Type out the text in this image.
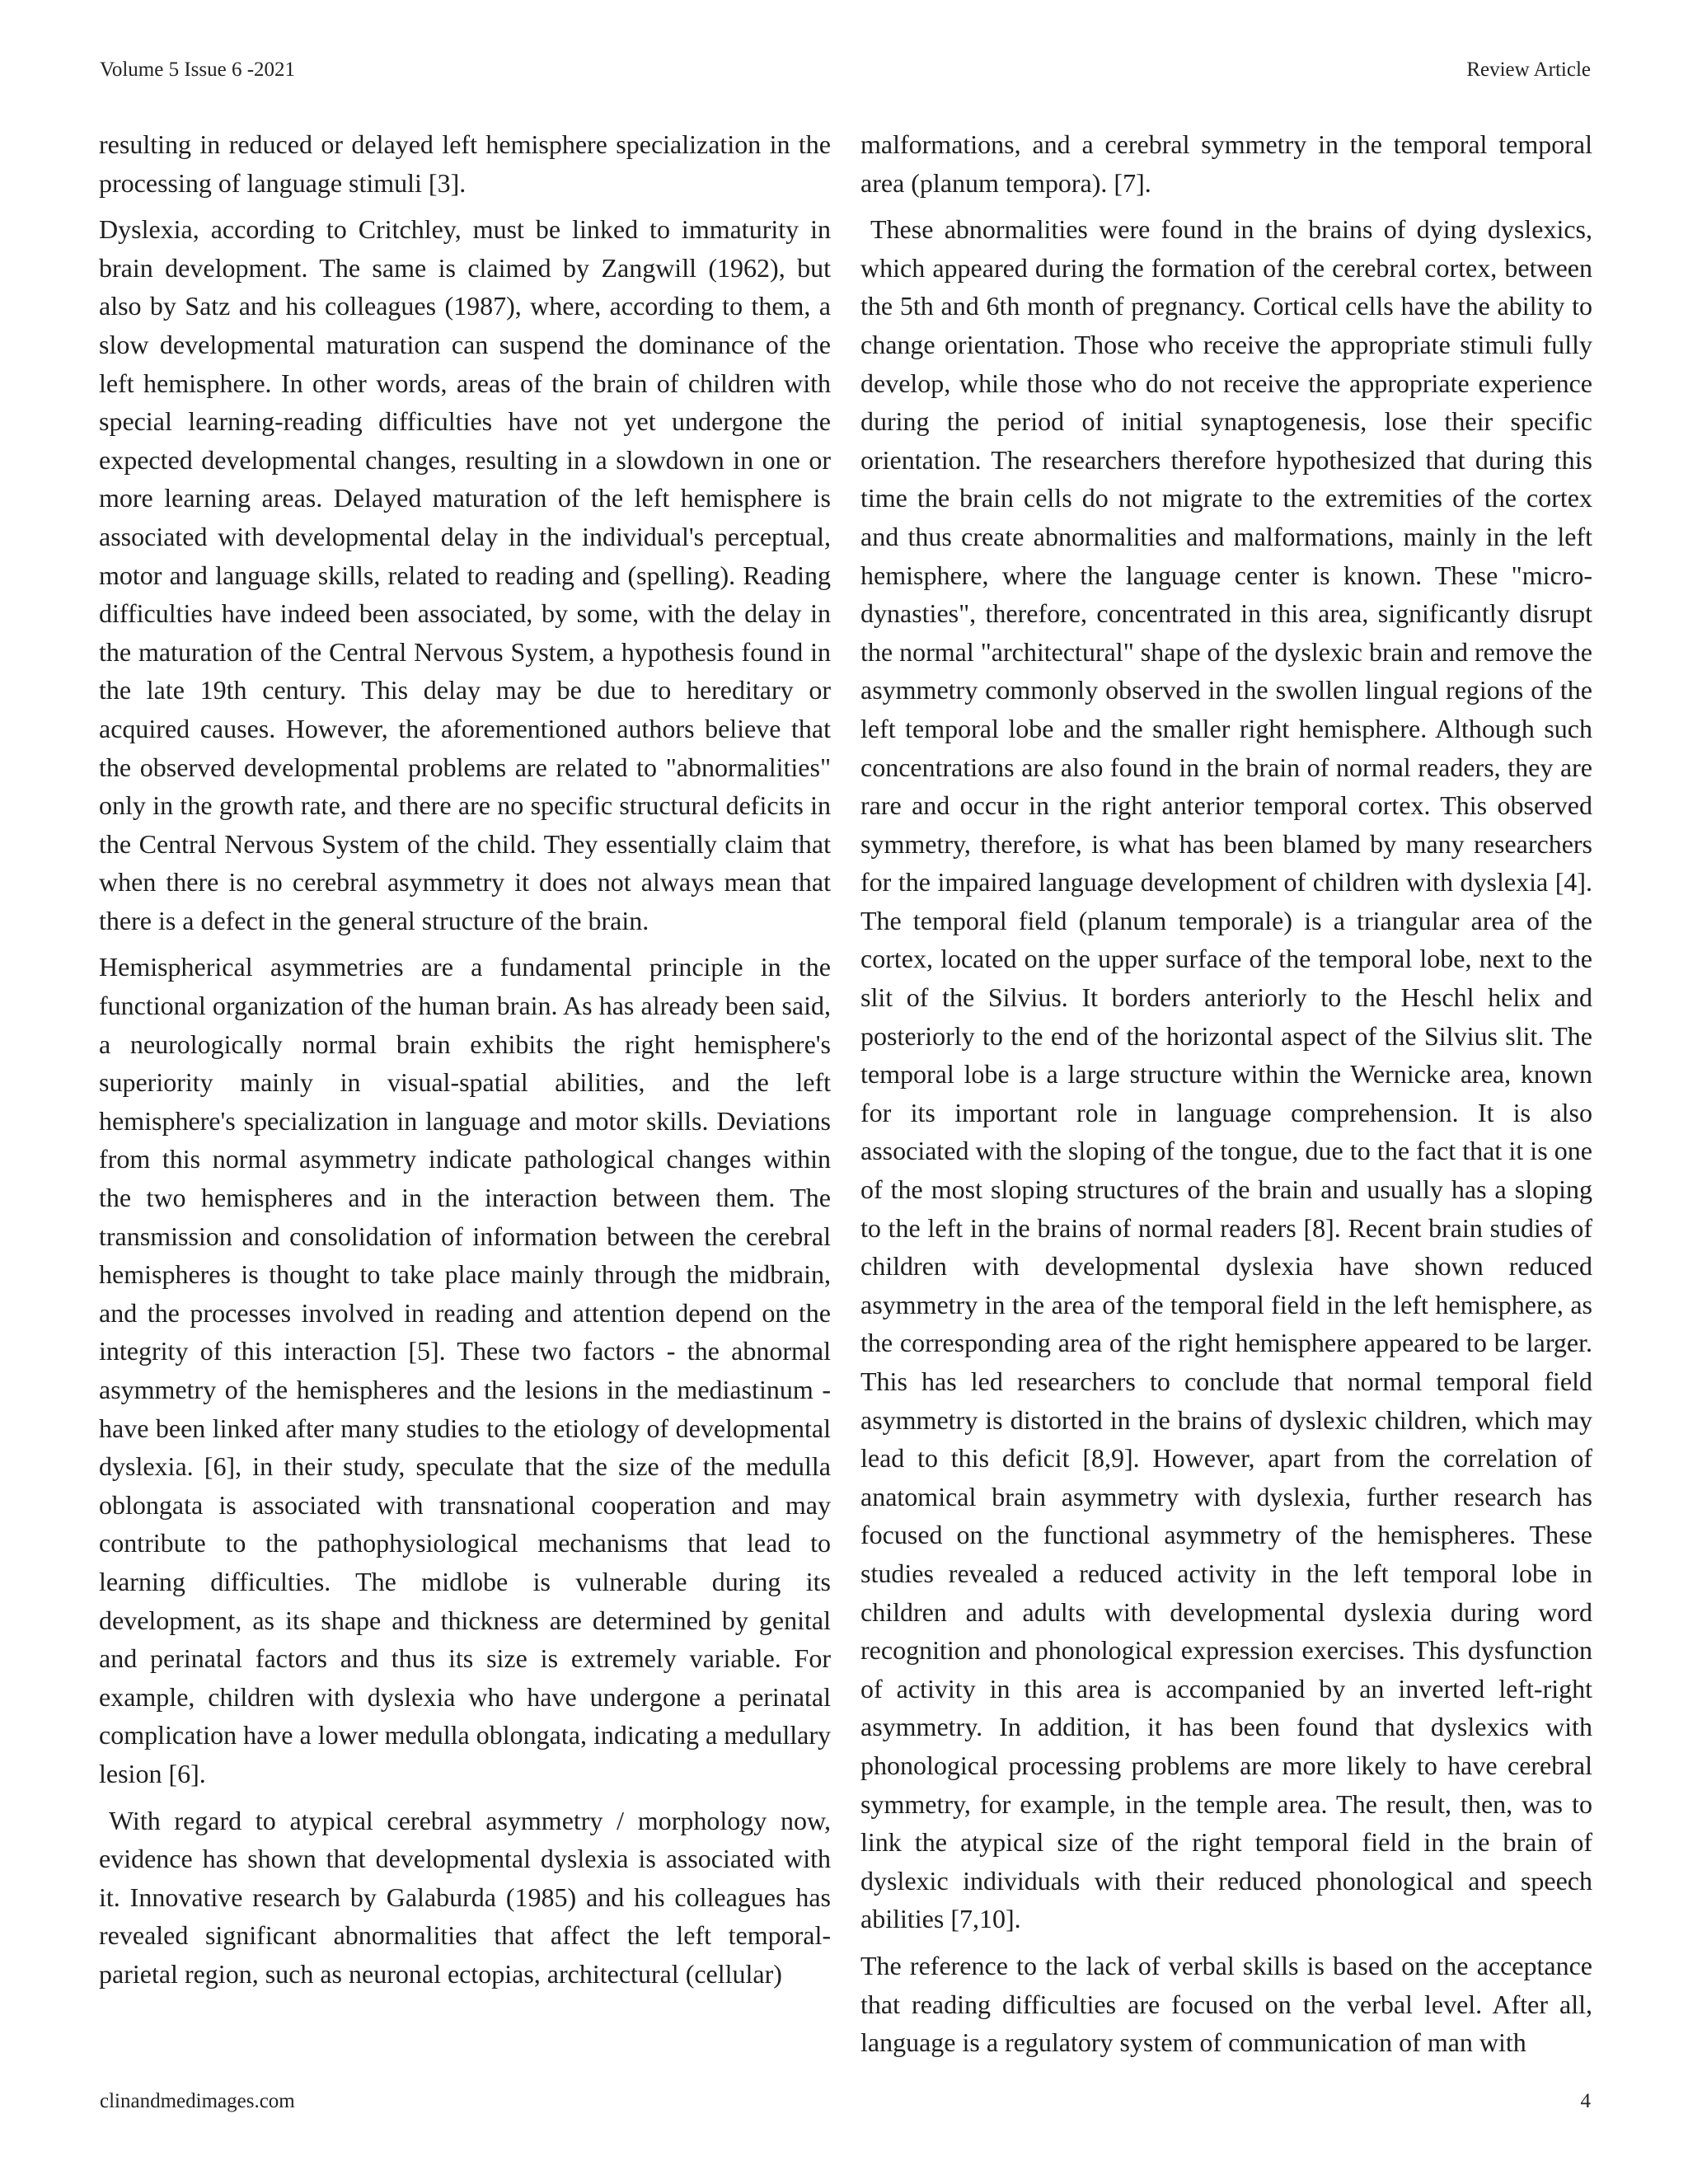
Volume 5 Issue 6 -2021	Review Article

resulting in reduced or delayed left hemisphere specialization in the processing of language stimuli [3].

Dyslexia, according to Critchley, must be linked to immaturity in brain development. The same is claimed by Zangwill (1962), but also by Satz and his colleagues (1987), where, according to them, a slow developmental maturation can suspend the dominance of the left hemisphere. In other words, areas of the brain of children with special learning-reading difficulties have not yet undergone the expected developmental changes, resulting in a slowdown in one or more learning areas. Delayed maturation of the left hemisphere is associated with developmental delay in the individual's perceptual, motor and language skills, related to reading and (spelling). Reading difficulties have indeed been associated, by some, with the delay in the maturation of the Central Nervous System, a hypothesis found in the late 19th century. This delay may be due to hereditary or acquired causes. However, the aforementioned authors believe that the observed developmental problems are related to "abnormalities" only in the growth rate, and there are no specific structural deficits in the Central Nervous System of the child. They essentially claim that when there is no cerebral asymmetry it does not always mean that there is a defect in the general structure of the brain.

Hemispherical asymmetries are a fundamental principle in the functional organization of the human brain. As has already been said, a neurologically normal brain exhibits the right hemisphere's superiority mainly in visual-spatial abilities, and the left hemisphere's specialization in language and motor skills. Deviations from this normal asymmetry indicate pathological changes within the two hemispheres and in the interaction between them. The transmission and consolidation of information between the cerebral hemispheres is thought to take place mainly through the midbrain, and the processes involved in reading and attention depend on the integrity of this interaction [5]. These two factors - the abnormal asymmetry of the hemispheres and the lesions in the mediastinum - have been linked after many studies to the etiology of developmental dyslexia. [6], in their study, speculate that the size of the medulla oblongata is associated with transnational cooperation and may contribute to the pathophysiological mechanisms that lead to learning difficulties. The midlobe is vulnerable during its development, as its shape and thickness are determined by genital and perinatal factors and thus its size is extremely variable. For example, children with dyslexia who have undergone a perinatal complication have a lower medulla oblongata, indicating a medullary lesion [6].

With regard to atypical cerebral asymmetry / morphology now, evidence has shown that developmental dyslexia is associated with it. Innovative research by Galaburda (1985) and his colleagues has revealed significant abnormalities that affect the left temporal-parietal region, such as neuronal ectopias, architectural (cellular)

malformations, and a cerebral symmetry in the temporal temporal area (planum tempora). [7].

These abnormalities were found in the brains of dying dyslexics, which appeared during the formation of the cerebral cortex, between the 5th and 6th month of pregnancy. Cortical cells have the ability to change orientation. Those who receive the appropriate stimuli fully develop, while those who do not receive the appropriate experience during the period of initial synaptogenesis, lose their specific orientation. The researchers therefore hypothesized that during this time the brain cells do not migrate to the extremities of the cortex and thus create abnormalities and malformations, mainly in the left hemisphere, where the language center is known. These "micro-dynasties", therefore, concentrated in this area, significantly disrupt the normal "architectural" shape of the dyslexic brain and remove the asymmetry commonly observed in the swollen lingual regions of the left temporal lobe and the smaller right hemisphere. Although such concentrations are also found in the brain of normal readers, they are rare and occur in the right anterior temporal cortex. This observed symmetry, therefore, is what has been blamed by many researchers for the impaired language development of children with dyslexia [4]. The temporal field (planum temporale) is a triangular area of the cortex, located on the upper surface of the temporal lobe, next to the slit of the Silvius. It borders anteriorly to the Heschl helix and posteriorly to the end of the horizontal aspect of the Silvius slit. The temporal lobe is a large structure within the Wernicke area, known for its important role in language comprehension. It is also associated with the sloping of the tongue, due to the fact that it is one of the most sloping structures of the brain and usually has a sloping to the left in the brains of normal readers [8]. Recent brain studies of children with developmental dyslexia have shown reduced asymmetry in the area of the temporal field in the left hemisphere, as the corresponding area of the right hemisphere appeared to be larger. This has led researchers to conclude that normal temporal field asymmetry is distorted in the brains of dyslexic children, which may lead to this deficit [8,9]. However, apart from the correlation of anatomical brain asymmetry with dyslexia, further research has focused on the functional asymmetry of the hemispheres. These studies revealed a reduced activity in the left temporal lobe in children and adults with developmental dyslexia during word recognition and phonological expression exercises. This dysfunction of activity in this area is accompanied by an inverted left-right asymmetry. In addition, it has been found that dyslexics with phonological processing problems are more likely to have cerebral symmetry, for example, in the temple area. The result, then, was to link the atypical size of the right temporal field in the brain of dyslexic individuals with their reduced phonological and speech abilities [7,10].

The reference to the lack of verbal skills is based on the acceptance that reading difficulties are focused on the verbal level. After all, language is a regulatory system of communication of man with

clinandmedimages.com	4
